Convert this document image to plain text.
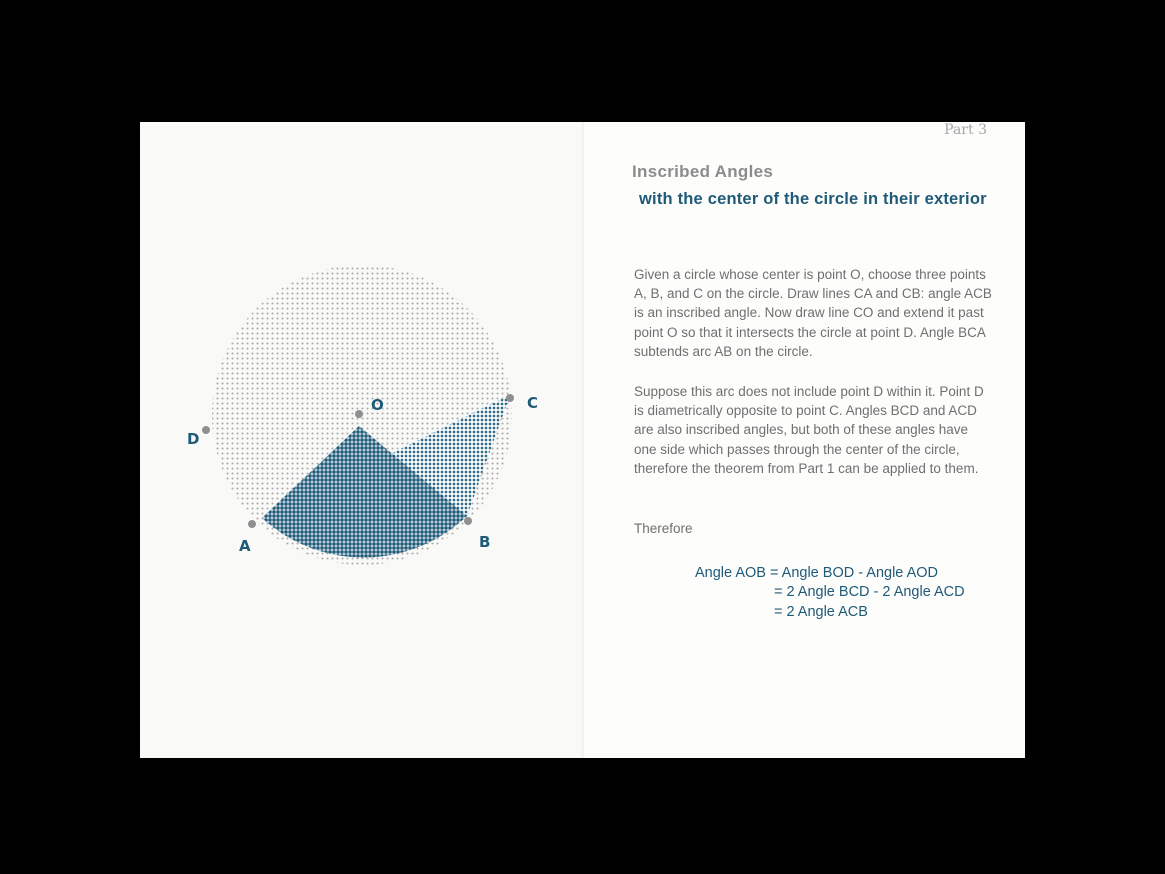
O
A	B
C
D
Part 3
Inscribed Angles
with the center of the circle in their exterior

Given a circle whose center is point O, choose three points A, B, and C on the circle. Draw lines CA and CB: angle ACB is an inscribed angle. Now draw line CO and extend it past point O so that it intersects the circle at point D. Angle BCA subtends arc AB on the circle.

Suppose this arc does not include point D within it. Point D is diametrically opposite to point C. Angles BCD and ACD are also inscribed angles, but both of these angles have one side which passes through the center of the circle, therefore the theorem from Part 1 can be applied to them.

Therefore

Angle AOB = Angle BOD - Angle AOD
= 2 Angle BCD - 2 Angle ACD
= 2 Angle ACB
